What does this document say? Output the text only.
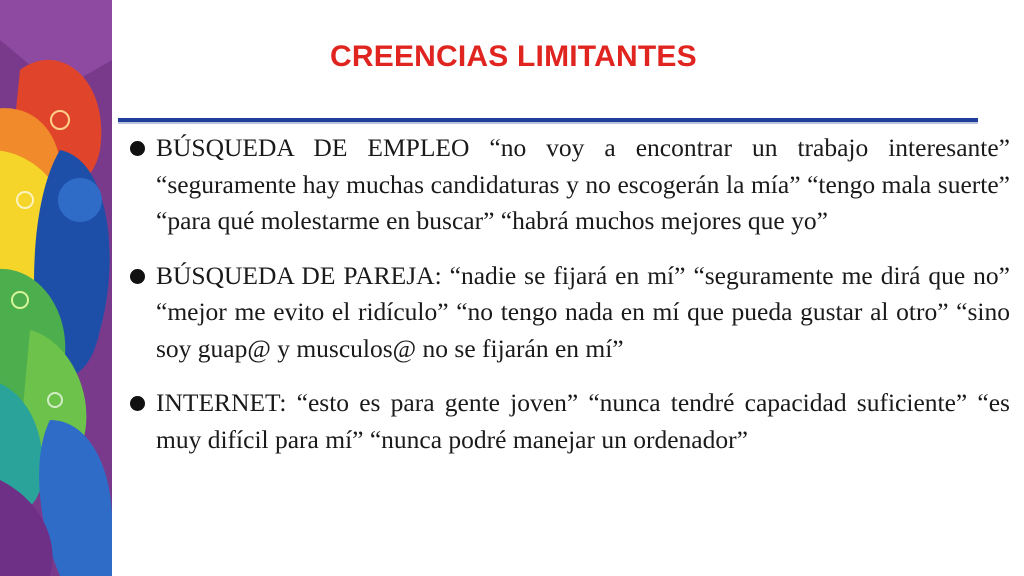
CREENCIAS LIMITANTES
BÚSQUEDA DE EMPLEO “no voy a encontrar un trabajo interesante” “seguramente hay muchas candidaturas y no escogerán la mía” “tengo mala suerte” “para qué molestarme en buscar” “habrá muchos mejores que yo”
BÚSQUEDA DE PAREJA: “nadie se fijará en mí” “seguramente me dirá que no” “mejor me evito el ridículo” “no tengo nada en mí que pueda gustar al otro” “sino soy guap@ y musculos@ no se fijarán en mí”
INTERNET: “esto es para gente joven” “nunca tendré capacidad suficiente” “es muy difícil para mí” “nunca podré manejar un ordenador”
